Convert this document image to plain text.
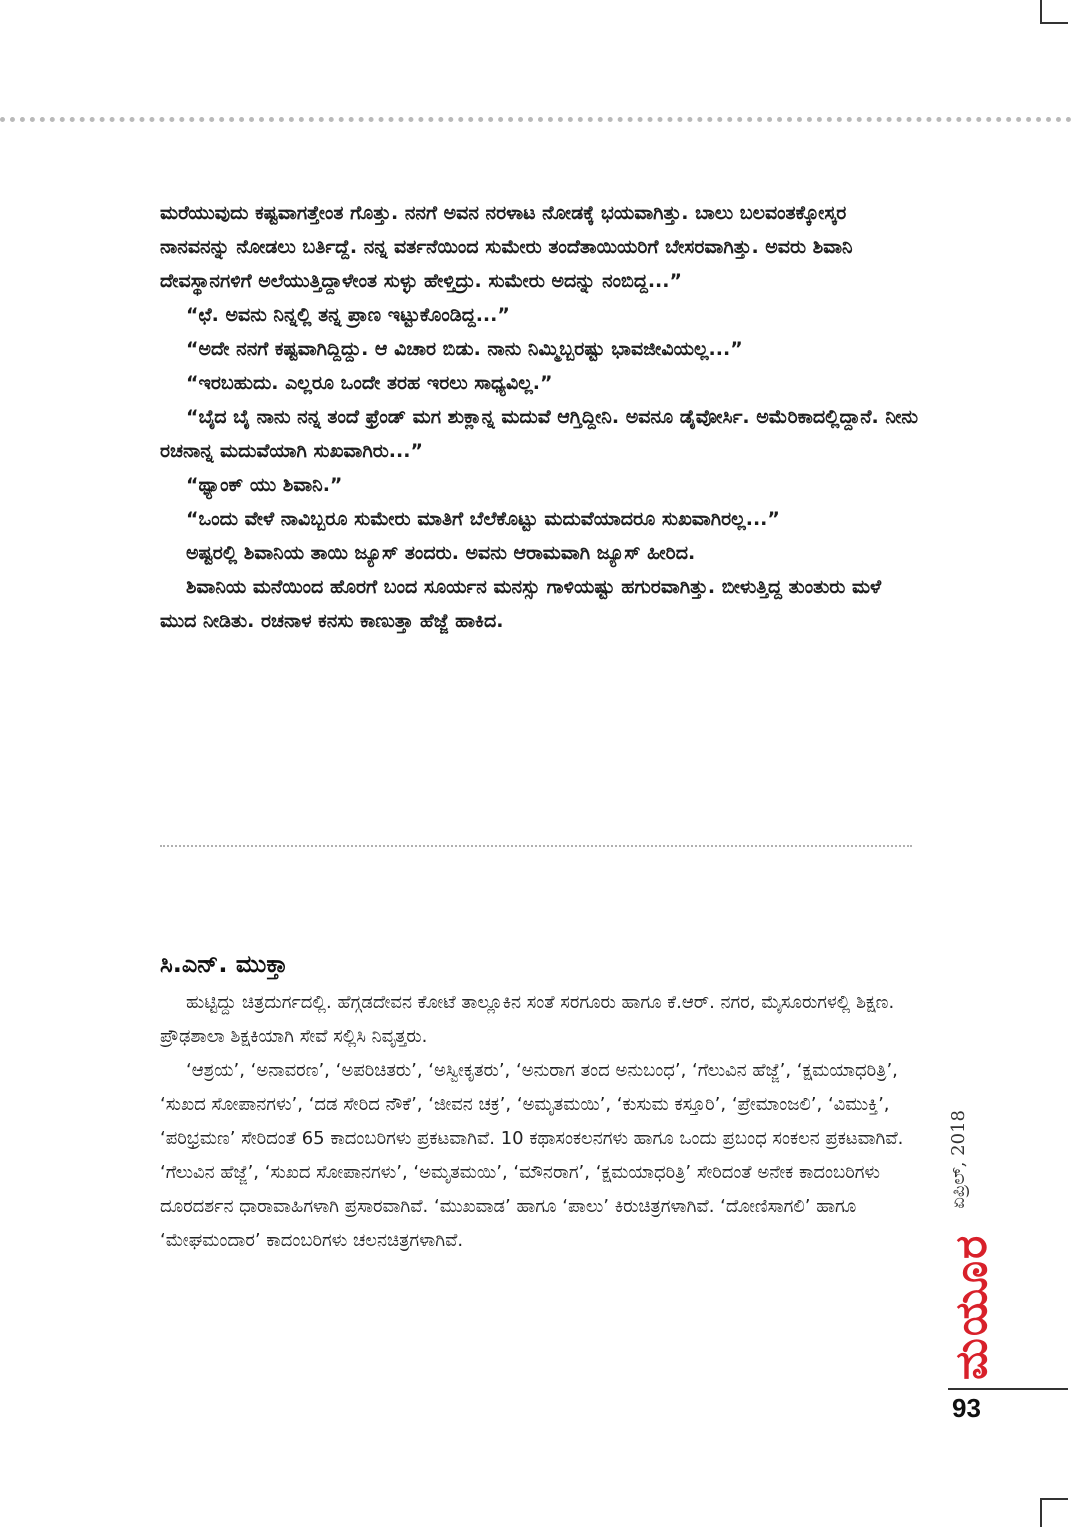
ಮರೆಯುವುದು ಕಷ್ಟವಾಗತ್ತೇಂತ ಗೊತ್ತು. ನನಗೆ ಅವನ ನರಳಾಟ ನೋಡಕ್ಕೆ ಭಯವಾಗಿತ್ತು. ಬಾಲು ಬಲವಂತಕ್ಕೋಸ್ಕರ ನಾನವನನ್ನು ನೋಡಲು ಬರ್ತಿದ್ದೆ. ನನ್ನ ವರ್ತನೆಯಿಂದ ಸುಮೇರು ತಂದೆತಾಯಿಯರಿಗೆ ಬೇಸರವಾಗಿತ್ತು. ಅವರು ಶಿವಾನಿ ದೇವಸ್ಥಾನಗಳಿಗೆ ಅಲೆಯುತ್ತಿದ್ದಾಳೇಂತ ಸುಳ್ಳು ಹೇಳ್ತಿದ್ರು. ಸುಮೇರು ಅದನ್ನು ನಂಬಿದ್ದ...”

“ಛೆ. ಅವನು ನಿನ್ನಲ್ಲಿ ತನ್ನ ಪ್ರಾಣ ಇಟ್ಟುಕೊಂಡಿದ್ದ...”

“ಅದೇ ನನಗೆ ಕಷ್ಟವಾಗಿದ್ದಿದ್ದು. ಆ ವಿಚಾರ ಬಿಡು. ನಾನು ನಿಮ್ಮಿಬ್ಬರಷ್ಟು ಭಾವಜೀವಿಯಲ್ಲ...”

“ಇರಬಹುದು. ಎಲ್ಲರೂ ಒಂದೇ ತರಹ ಇರಲು ಸಾಧ್ಯವಿಲ್ಲ.”

“ಬೈದ ಬೈ ನಾನು ನನ್ನ ತಂದೆ ಫ್ರೆಂಡ್ ಮಗ ಶುಕ್ಲಾನ್ನ ಮದುವೆ ಆಗ್ತಿದ್ದೀನಿ. ಅವನೂ ಡೈವೋರ್ಸಿ. ಅಮೆರಿಕಾದಲ್ಲಿದ್ದಾನೆ. ನೀನು ರಚನಾನ್ನ ಮದುವೆಯಾಗಿ ಸುಖವಾಗಿರು...”

“ಥ್ಯಾಂಕ್ ಯು ಶಿವಾನಿ.”

“ಒಂದು ವೇಳೆ ನಾವಿಬ್ಬರೂ ಸುಮೇರು ಮಾತಿಗೆ ಬೆಲೆಕೊಟ್ಟು ಮದುವೆಯಾದರೂ ಸುಖವಾಗಿರಲ್ಲ...”

ಅಷ್ಟರಲ್ಲಿ ಶಿವಾನಿಯ ತಾಯಿ ಜ್ಯೂಸ್ ತಂದರು. ಅವನು ಆರಾಮವಾಗಿ ಜ್ಯೂಸ್ ಹೀರಿದ.

ಶಿವಾನಿಯ ಮನೆಯಿಂದ ಹೊರಗೆ ಬಂದ ಸೂರ್ಯನ ಮನಸ್ಸು ಗಾಳಿಯಷ್ಟು ಹಗುರವಾಗಿತ್ತು. ಬೀಳುತ್ತಿದ್ದ ತುಂತುರು ಮಳೆ ಮುದ ನೀಡಿತು. ರಚನಾಳ ಕನಸು ಕಾಣುತ್ತಾ ಹೆಜ್ಜೆ ಹಾಕಿದ.

ಸಿ.ಎನ್. ಮುಕ್ತಾ

ಹುಟ್ಟಿದ್ದು ಚಿತ್ರದುರ್ಗದಲ್ಲಿ. ಹೆಗ್ಗಡದೇವನ ಕೋಟೆ ತಾಲ್ಲೂಕಿನ ಸಂತೆ ಸರಗೂರು ಹಾಗೂ ಕೆ.ಆರ್. ನಗರ, ಮೈಸೂರುಗಳಲ್ಲಿ ಶಿಕ್ಷಣ. ಪ್ರೌಢಶಾಲಾ ಶಿಕ್ಷಕಿಯಾಗಿ ಸೇವೆ ಸಲ್ಲಿಸಿ ನಿವೃತ್ತರು.

‘ಆಶ್ರಯ’, ‘ಅನಾವರಣ’, ‘ಅಪರಿಚಿತರು’, ‘ಅಸ್ವೀಕೃತರು’, ‘ಅನುರಾಗ ತಂದ ಅನುಬಂಧ’, ‘ಗೆಲುವಿನ ಹೆಜ್ಜೆ’, ‘ಕ್ಷಮಯಾಧರಿತ್ರಿ’, ‘ಸುಖದ ಸೋಪಾನಗಳು’, ‘ದಡ ಸೇರಿದ ನೌಕೆ’, ‘ಜೀವನ ಚಕ್ರ’, ‘ಅಮೃತಮಯಿ’, ‘ಕುಸುಮ ಕಸ್ತೂರಿ’, ‘ಪ್ರೇಮಾಂಜಲಿ’, ‘ವಿಮುಕ್ತಿ’, ‘ಪರಿಭ್ರಮಣ’ ಸೇರಿದಂತೆ 65 ಕಾದಂಬರಿಗಳು ಪ್ರಕಟವಾಗಿವೆ. 10 ಕಥಾಸಂಕಲನಗಳು ಹಾಗೂ ಒಂದು ಪ್ರಬಂಧ ಸಂಕಲನ ಪ್ರಕಟವಾಗಿವೆ. ‘ಗೆಲುವಿನ ಹೆಜ್ಜೆ’, ‘ಸುಖದ ಸೋಪಾನಗಳು’, ‘ಅಮೃತಮಯಿ’, ‘ಮೌನರಾಗ’, ‘ಕ್ಷಮಯಾಧರಿತ್ರಿ’ ಸೇರಿದಂತೆ ಅನೇಕ ಕಾದಂಬರಿಗಳು ದೂರದರ್ಶನ ಧಾರಾವಾಹಿಗಳಾಗಿ ಪ್ರಸಾರವಾಗಿವೆ. ‘ಮುಖವಾಡ’ ಹಾಗೂ ‘ಪಾಲು’ ಕಿರುಚಿತ್ರಗಳಾಗಿವೆ. ‘ದೋಣಿಸಾಗಲಿ’ ಹಾಗೂ ‘ಮೇಘಮಂದಾರ’ ಕಾದಂಬರಿಗಳು ಚಲನಚಿತ್ರಗಳಾಗಿವೆ.

ಏಪ್ರಿಲ್, 2018
ಮಯೂರ
93
